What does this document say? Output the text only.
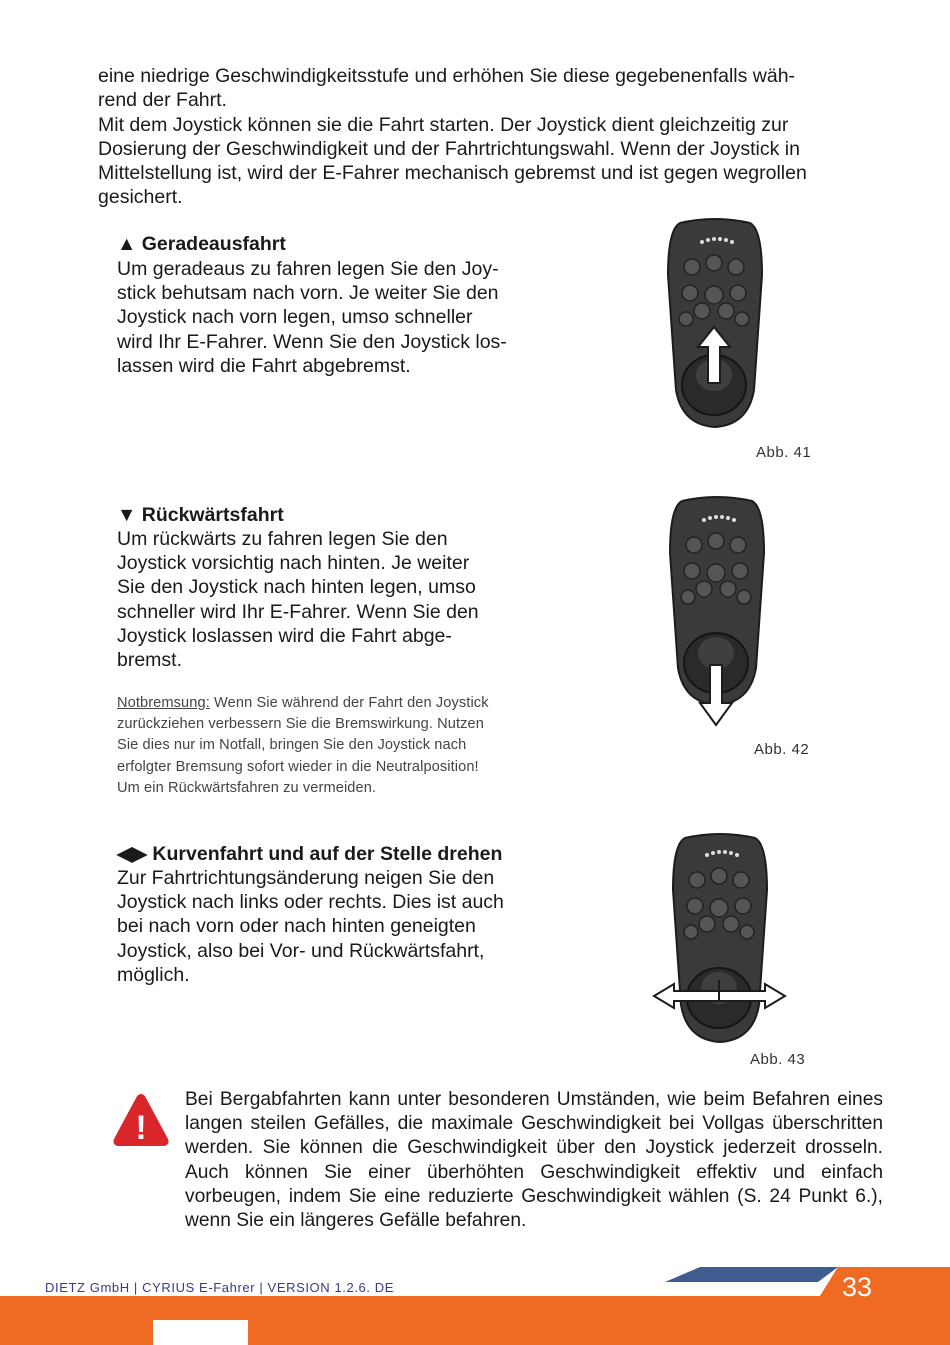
eine niedrige Geschwindigkeitsstufe und erhöhen Sie diese gegebenenfalls wäh-

rend der Fahrt.

Mit dem Joystick können sie die Fahrt starten. Der Joystick dient gleichzeitig zur Dosierung der Geschwindigkeit und der Fahrtrichtungswahl. Wenn der Joystick in Mittelstellung ist, wird der E-Fahrer mechanisch gebremst und ist gegen wegrollen gesichert.

▲ Geradeausfahrt
Um geradeaus zu fahren legen Sie den Joy-
stick behutsam nach vorn. Je weiter Sie den
Joystick nach vorn legen, umso schneller
wird Ihr E-Fahrer. Wenn Sie den Joystick los-
lassen wird die Fahrt abgebremst.
Abb. 41
▼ Rückwärtsfahrt
Um rückwärts zu fahren legen Sie den
Joystick vorsichtig nach hinten. Je weiter
Sie den Joystick nach hinten legen, umso
schneller wird Ihr E-Fahrer. Wenn Sie den
Joystick loslassen wird die Fahrt abge-
bremst.
Notbremsung: Wenn Sie während der Fahrt den Joystick
zurückziehen verbessern Sie die Bremswirkung. Nutzen
Sie dies nur im Notfall, bringen Sie den Joystick nach
erfolgter Bremsung sofort wieder in die Neutralposition!
Um ein Rückwärtsfahren zu vermeiden.
Abb. 42
◀▶ Kurvenfahrt und auf der Stelle drehen
Zur Fahrtrichtungsänderung neigen Sie den
Joystick nach links oder rechts. Dies ist auch
bei nach vorn oder nach hinten geneigten
Joystick, also bei Vor- und Rückwärtsfahrt,
möglich.
Abb. 43
!

Bei Bergabfahrten kann unter besonderen Umständen, wie beim Befahren eines langen steilen Gefälles, die maximale Geschwindigkeit bei Vollgas überschritten werden. Sie können die Geschwindigkeit über den Joystick jederzeit drosseln. Auch können Sie einer überhöhten Geschwindigkeit effektiv und einfach vorbeugen, indem Sie eine reduzierte Geschwindigkeit wählen (S. 24 Punkt 6.), wenn Sie ein längeres Gefälle befahren.

DIETZ GmbH | CYRIUS E-Fahrer | VERSION 1.2.6. DE	33
